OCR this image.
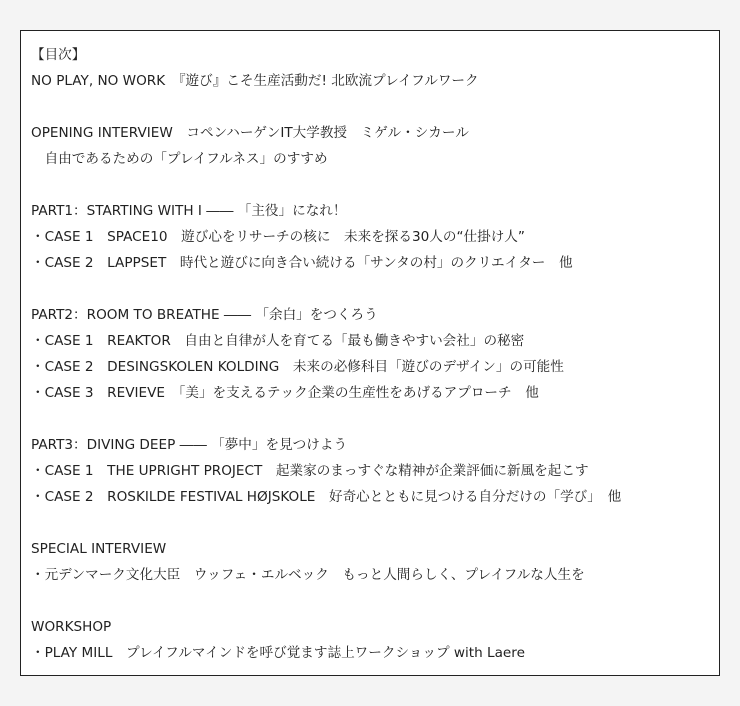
【目次】
NO PLAY, NO WORK　『遊び』こそ生産活動だ! 北欧流プレイフルワーク
OPENING INTERVIEW　コペンハーゲンIT大学教授　ミゲル・シカール
　自由であるための「プレイフルネス」のすすめ
PART1：STARTING WITH I ―― 「主役」になれ！
・CASE 1　SPACE10　遊び心をリサーチの核に　未来を探る30人の“仕掛け人”
・CASE 2　LAPPSET　時代と遊びに向き合い続ける「サンタの村」のクリエイター　他
PART2：ROOM TO BREATHE ―― 「余白」をつくろう
・CASE 1　REAKTOR　自由と自律が人を育てる「最も働きやすい会社」の秘密
・CASE 2　DESINGSKOLEN KOLDING　未来の必修科目「遊びのデザイン」の可能性
・CASE 3　REVIEVE　「美」を支えるテック企業の生産性をあげるアプローチ　他
PART3：DIVING DEEP ―― 「夢中」を見つけよう
・CASE 1　THE UPRIGHT PROJECT　起業家のまっすぐな精神が企業評価に新風を起こす
・CASE 2　ROSKILDE FESTIVAL HØJSKOLE　好奇心とともに見つける自分だけの「学び」　他
SPECIAL INTERVIEW
・元デンマーク文化大臣　ウッフェ・エルベック　もっと人間らしく、プレイフルな人生を
WORKSHOP
・PLAY MILL　プレイフルマインドを呼び覚ます誌上ワークショップ with Laere
